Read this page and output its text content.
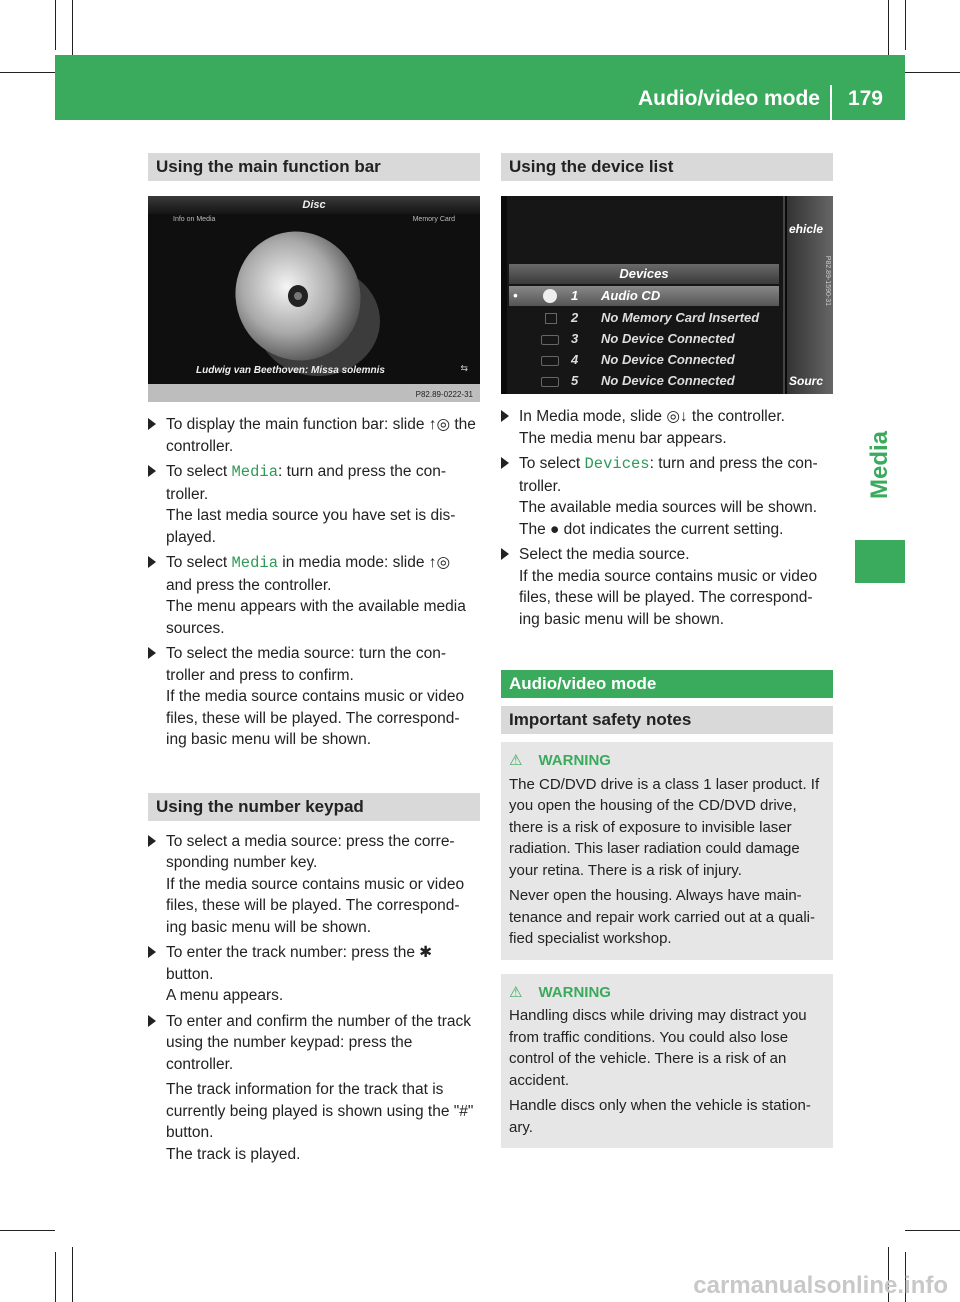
Audio/video mode 179
Media
Using the main function bar
Disc
Info on Media	Memory Card
Ludwig van Beethoven: Missa solemnis	⇆
P82.89-0222-31

To display the main function bar: slide ↑◎ the controller.

To select Media: turn and press the con-troller.
The last media source you have set is dis-played.

To select Media in media mode: slide ↑◎ and press the controller.
The menu appears with the available media sources.

To select the media source: turn the con-troller and press to confirm.
If the media source contains music or video files, these will be played. The correspond-ing basic menu will be shown.

Using the number keypad

To select a media source: press the corre-sponding number key.
If the media source contains music or video files, these will be played. The correspond-ing basic menu will be shown.

To enter the track number: press the ✱ button.
A menu appears.

To enter and confirm the number of the track using the number keypad: press the controller.
The track information for the track that is currently being played is shown using the "#" button.
The track is played.

Using the device list
ehicle
Sourc
Devices
•	1 Audio CD
2 No Memory Card Inserted
3 No Device Connected
4 No Device Connected
5 No Device Connected
P82.89-1590-31

In Media mode, slide ◎↓ the controller.
The media menu bar appears.

To select Devices: turn and press the con-troller.
The available media sources will be shown.
The ● dot indicates the current setting.

Select the media source.
If the media source contains music or video files, these will be played. The correspond-ing basic menu will be shown.

Audio/video mode
Important safety notes
⚠ WARNING

The CD/DVD drive is a class 1 laser product. If you open the housing of the CD/DVD drive, there is a risk of exposure to invisible laser radiation. This laser radiation could damage your retina. There is a risk of injury.

Never open the housing. Always have main-tenance and repair work carried out at a quali-fied specialist workshop.

⚠ WARNING

Handling discs while driving may distract you from traffic conditions. You could also lose control of the vehicle. There is a risk of an accident.

Handle discs only when the vehicle is station-ary.

carmanualsonline.info
